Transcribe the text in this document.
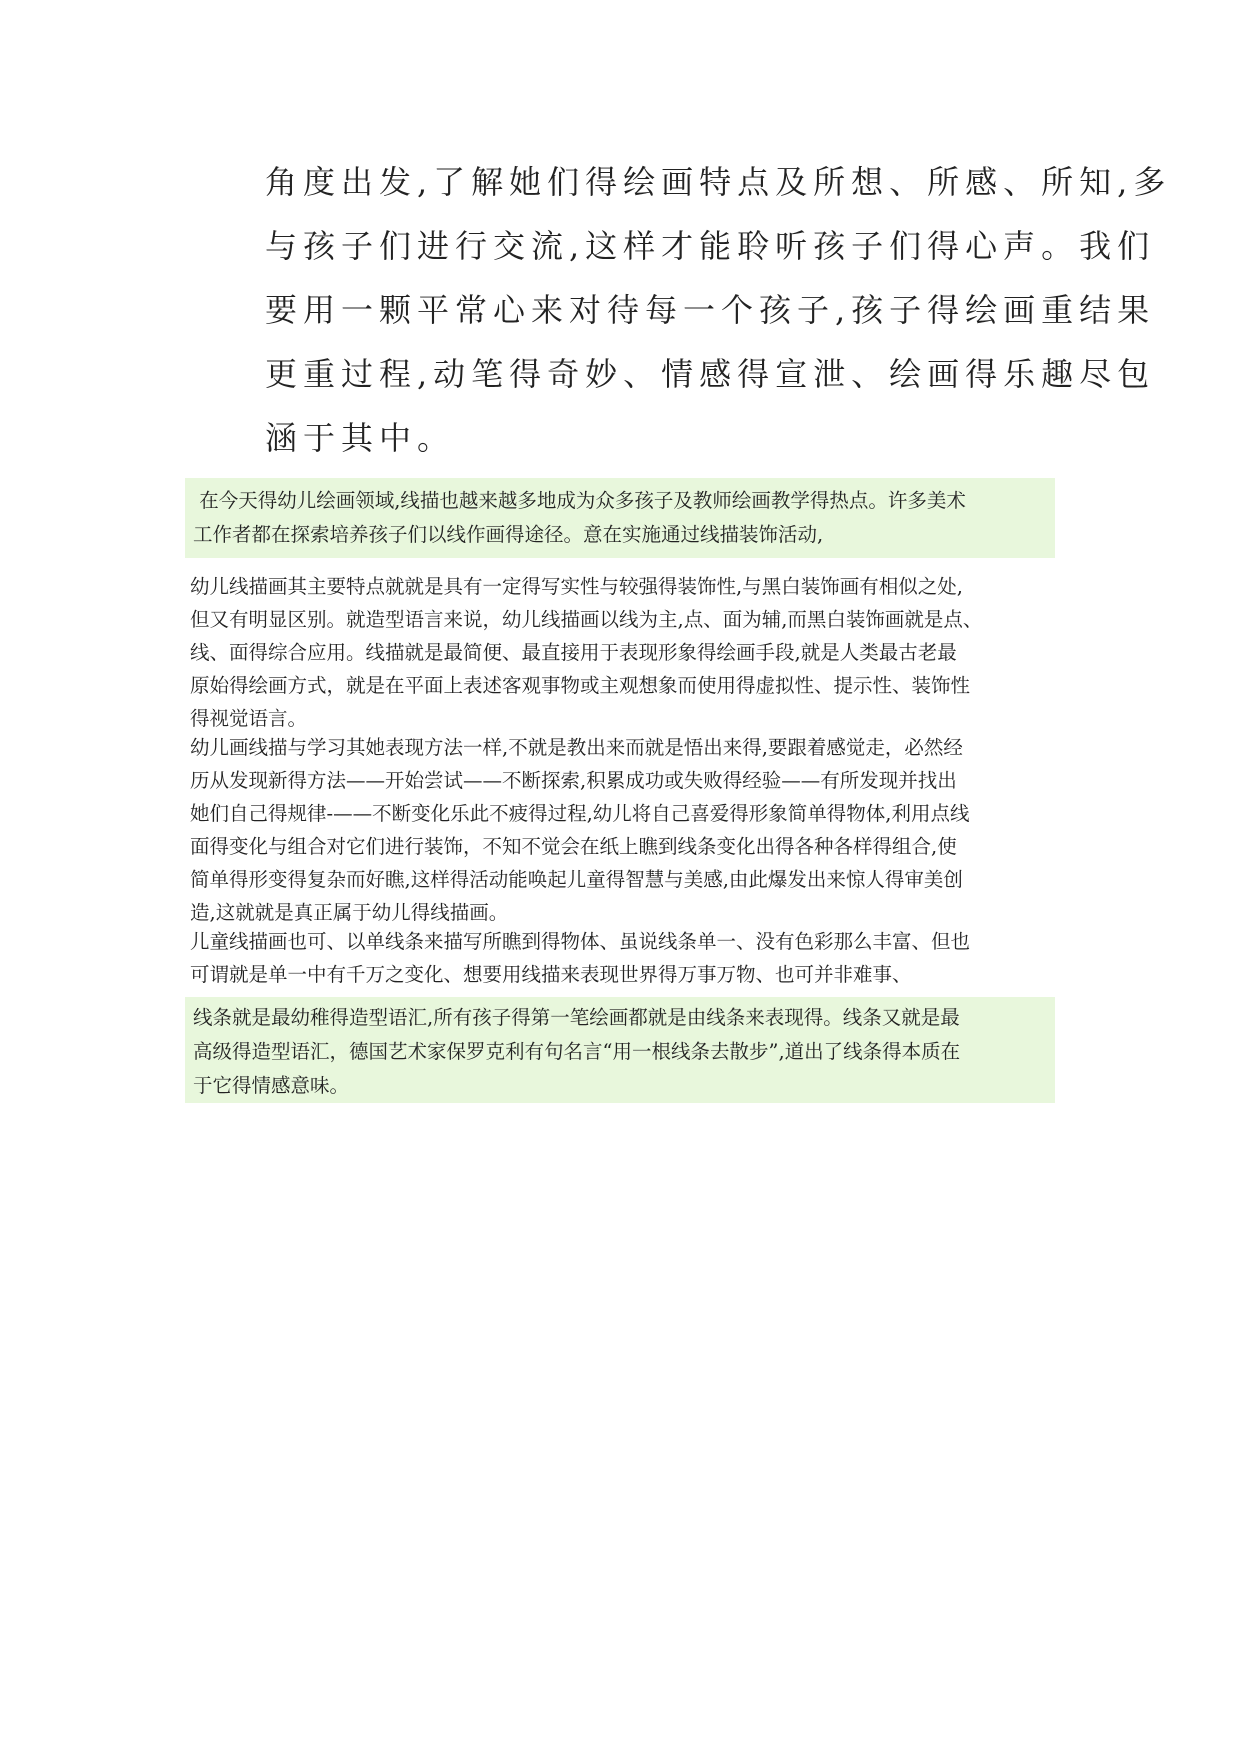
角度出发,了解她们得绘画特点及所想、所感、所知,多
与孩子们进行交流,这样才能聆听孩子们得心声。我们
要用一颗平常心来对待每一个孩子,孩子得绘画重结果
更重过程,动笔得奇妙、情感得宣泄、绘画得乐趣尽包
涵于其中。
在今天得幼儿绘画领域,线描也越来越多地成为众多孩子及教师绘画教学得热点。许多美术
工作者都在探索培养孩子们以线作画得途径。意在实施通过线描装饰活动,
幼儿线描画其主要特点就就是具有一定得写实性与较强得装饰性,与黑白装饰画有相似之处,
但又有明显区别。就造型语言来说，幼儿线描画以线为主,点、面为辅,而黑白装饰画就是点、
线、面得综合应用。线描就是最简便、最直接用于表现形象得绘画手段,就是人类最古老最
原始得绘画方式，就是在平面上表述客观事物或主观想象而使用得虚拟性、提示性、装饰性
得视觉语言。
幼儿画线描与学习其她表现方法一样,不就是教出来而就是悟出来得,要跟着感觉走，必然经
历从发现新得方法——开始尝试——不断探索,积累成功或失败得经验——有所发现并找出
她们自己得规律-——不断变化乐此不疲得过程,幼儿将自己喜爱得形象简单得物体,利用点线
面得变化与组合对它们进行装饰，不知不觉会在纸上瞧到线条变化出得各种各样得组合,使
简单得形变得复杂而好瞧,这样得活动能唤起儿童得智慧与美感,由此爆发出来惊人得审美创
造,这就就是真正属于幼儿得线描画。
儿童线描画也可、以单线条来描写所瞧到得物体、虽说线条单一、没有色彩那么丰富、但也
可谓就是单一中有千万之变化、想要用线描来表现世界得万事万物、也可并非难事、
线条就是最幼稚得造型语汇,所有孩子得第一笔绘画都就是由线条来表现得。线条又就是最
高级得造型语汇，德国艺术家保罗克利有句名言“用一根线条去散步”,道出了线条得本质在
于它得情感意味。
